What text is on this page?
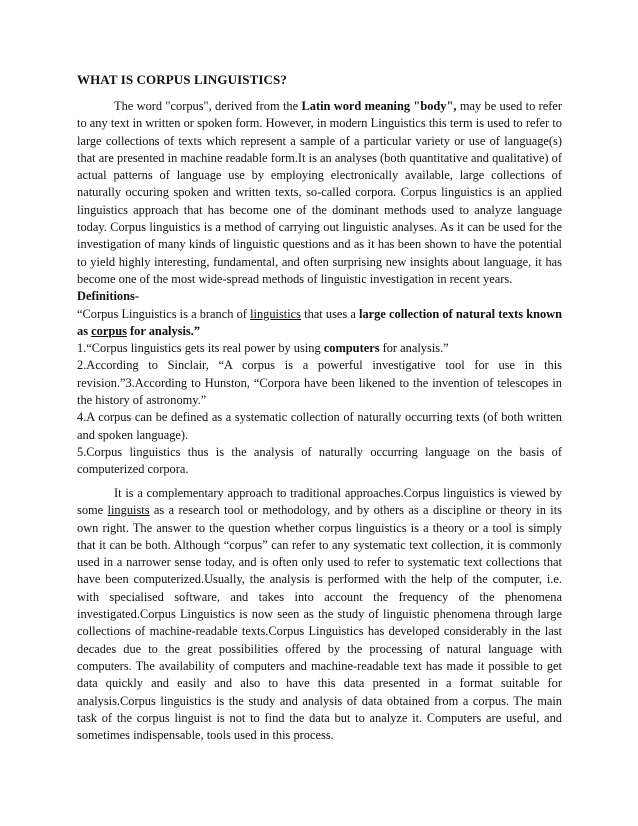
WHAT IS CORPUS LINGUISTICS?

The word "corpus", derived from the Latin word meaning "body", may be used to refer to any text in written or spoken form. However, in modern Linguistics this term is used to refer to large collections of texts which represent a sample of a particular variety or use of language(s) that are presented in machine readable form.It is an analyses (both quantitative and qualitative) of actual patterns of language use by employing electronically available, large collections of naturally occuring spoken and written texts, so-called corpora. Corpus linguistics is an applied linguistics approach that has become one of the dominant methods used to analyze language today. Corpus linguistics is a method of carrying out linguistic analyses. As it can be used for the investigation of many kinds of linguistic questions and as it has been shown to have the potential to yield highly interesting, fundamental, and often surprising new insights about language, it has become one of the most wide-spread methods of linguistic investigation in recent years.

Definitions-

“Corpus Linguistics is a branch of linguistics that uses a large collection of natural texts known as corpus for analysis.”

1.“Corpus linguistics gets its real power by using computers for analysis.”

2.According to Sinclair, “A corpus is a powerful investigative tool for use in this revision.”3.According to Hunston, “Corpora have been likened to the invention of telescopes in the history of astronomy.”

4.A corpus can be defined as a systematic collection of naturally occurring texts (of both written and spoken language).

5.Corpus linguistics thus is the analysis of naturally occurring language on the basis of computerized corpora.

It is a complementary approach to traditional approaches.Corpus linguistics is viewed by some linguists as a research tool or methodology, and by others as a discipline or theory in its own right. The answer to the question whether corpus linguistics is a theory or a tool is simply that it can be both. Although “corpus” can refer to any systematic text collection, it is commonly used in a narrower sense today, and is often only used to refer to systematic text collections that have been computerized.Usually, the analysis is performed with the help of the computer, i.e. with specialised software, and takes into account the frequency of the phenomena investigated.Corpus Linguistics is now seen as the study of linguistic phenomena through large collections of machine-readable texts.Corpus Linguistics has developed considerably in the last decades due to the great possibilities offered by the processing of natural language with computers. The availability of computers and machine-readable text has made it possible to get data quickly and easily and also to have this data presented in a format suitable for analysis.Corpus linguistics is the study and analysis of data obtained from a corpus. The main task of the corpus linguist is not to find the data but to analyze it. Computers are useful, and sometimes indispensable, tools used in this process.
